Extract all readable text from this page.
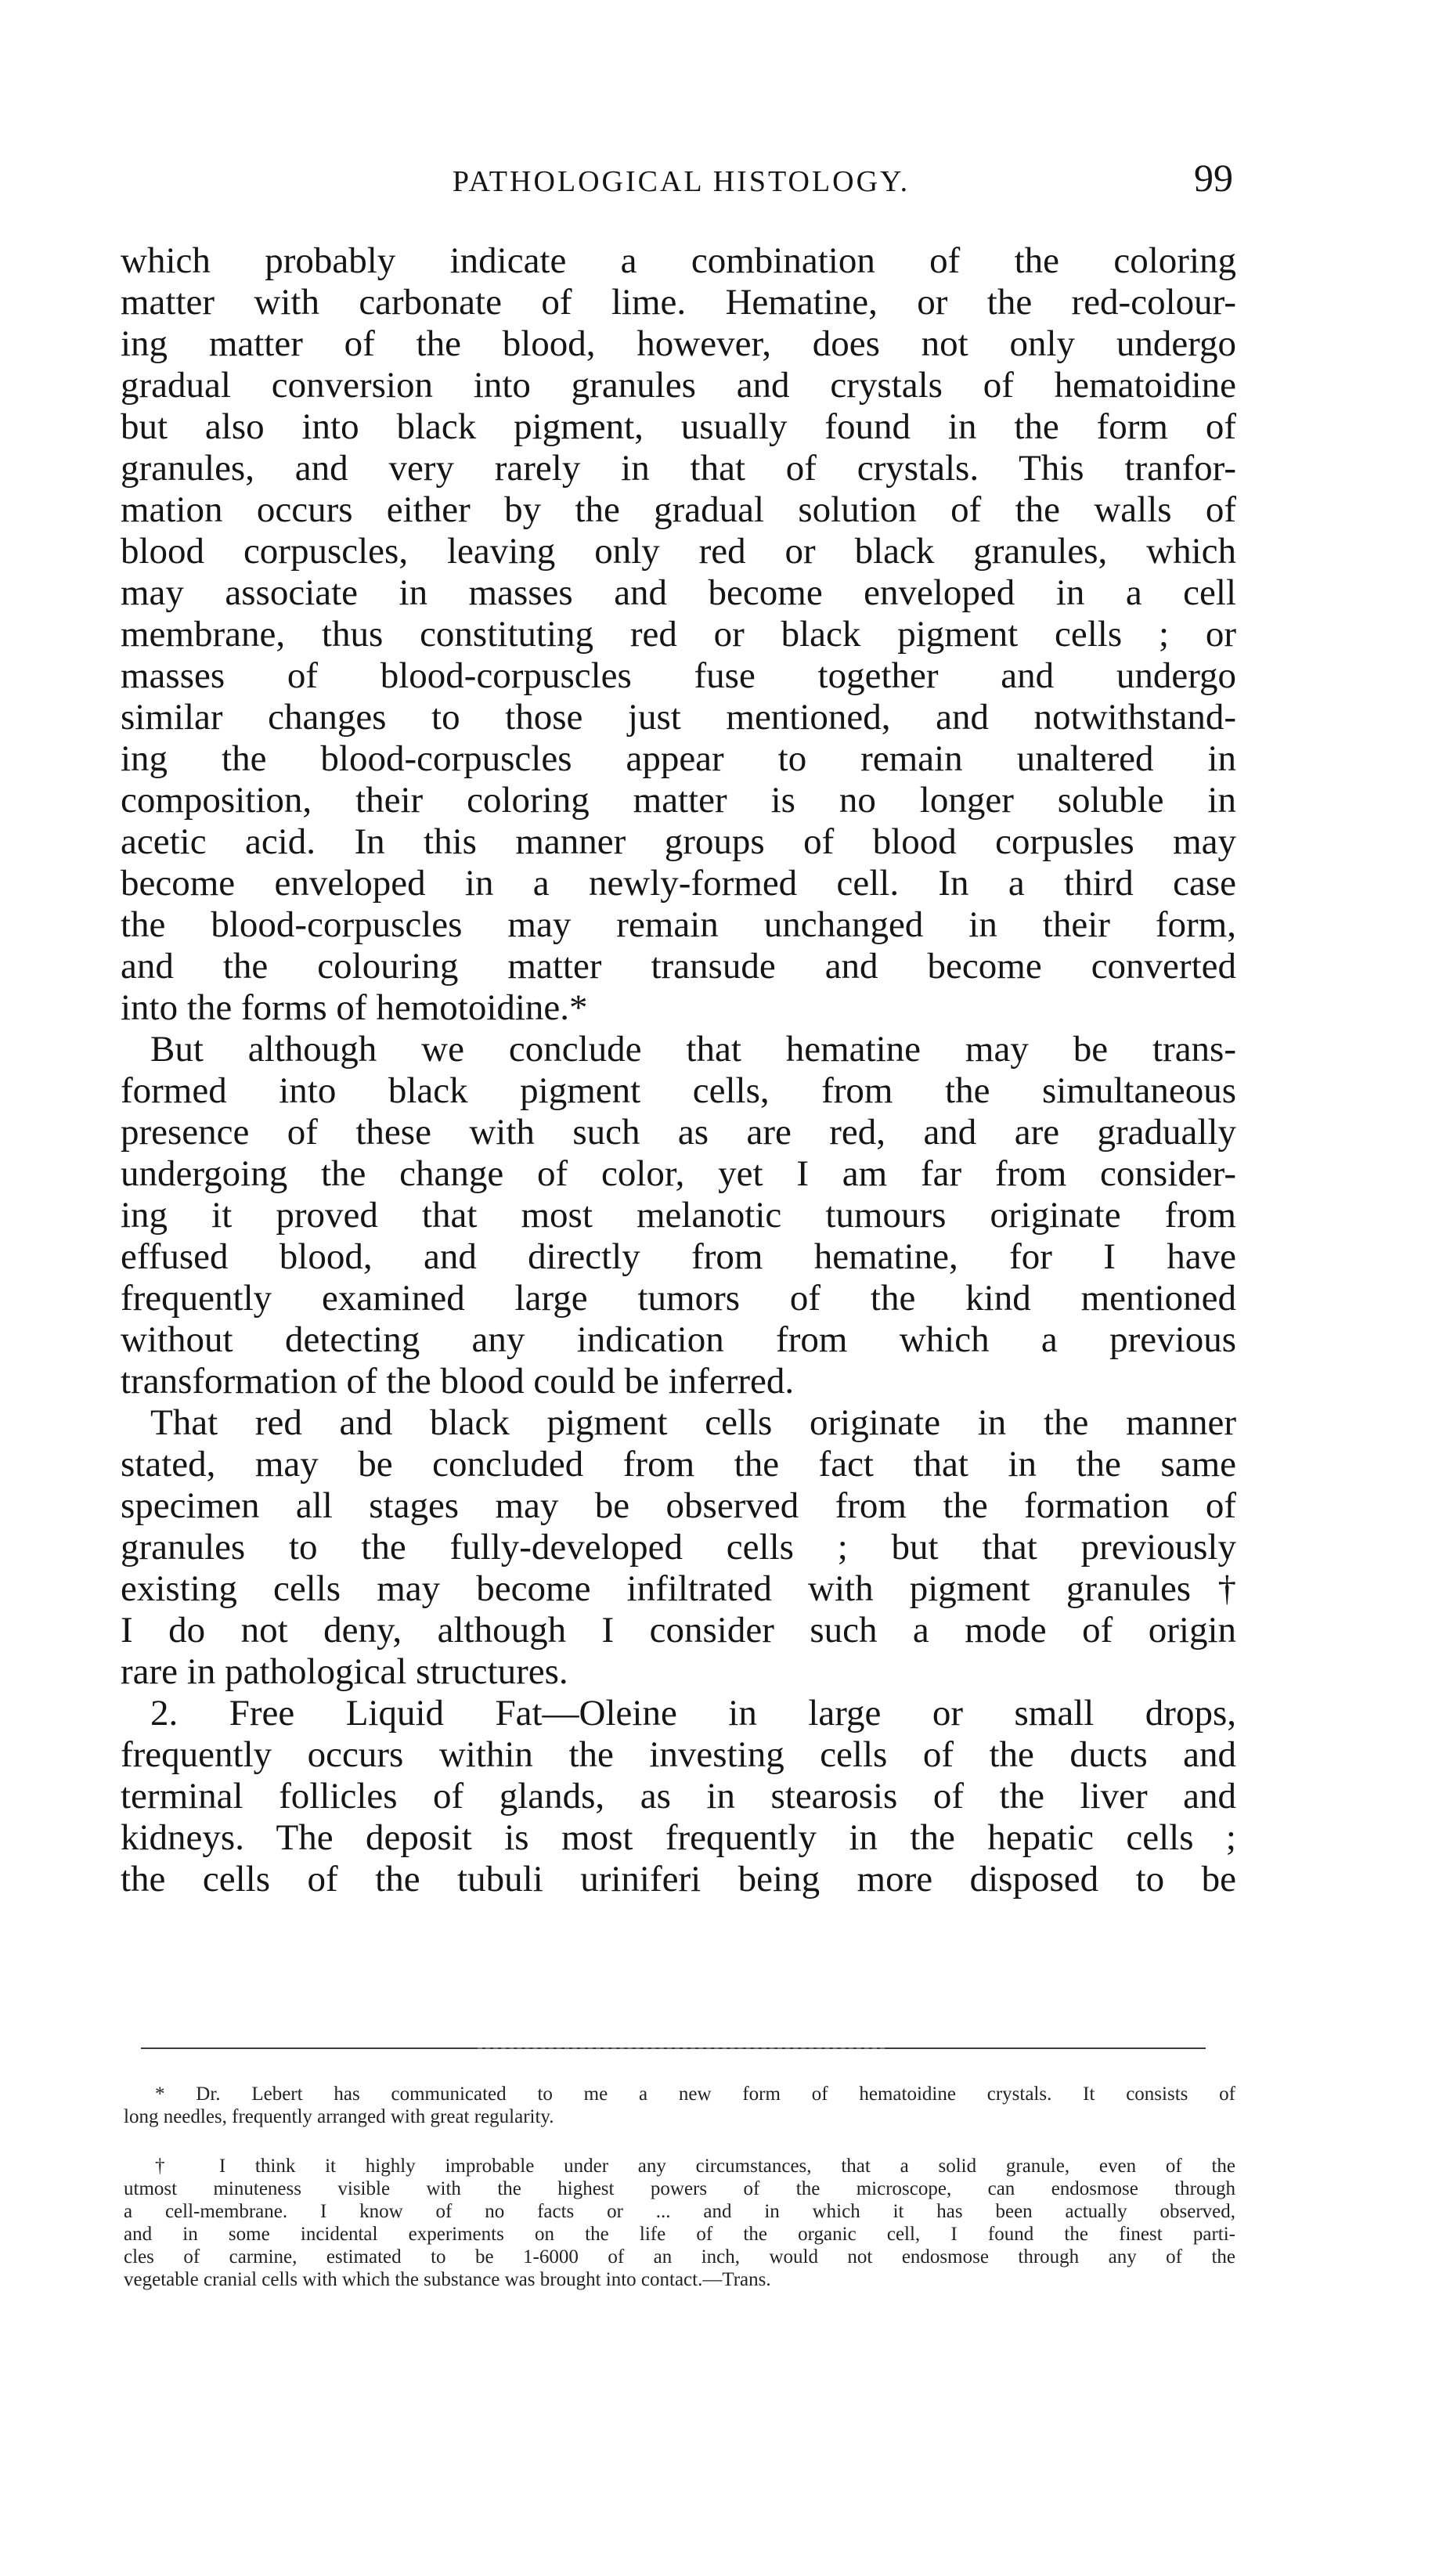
PATHOLOGICAL HISTOLOGY.	99
which probably indicate a combination of the coloring
matter with carbonate of lime. Hematine, or the red-colour-
ing matter of the blood, however, does not only undergo
gradual conversion into granules and crystals of hematoidine
but also into black pigment, usually found in the form of
granules, and very rarely in that of crystals. This tranfor-
mation occurs either by the gradual solution of the walls of
blood corpuscles, leaving only red or black granules, which
may associate in masses and become enveloped in a cell
membrane, thus constituting red or black pigment cells ; or
masses of blood-corpuscles fuse together and undergo
similar changes to those just mentioned, and notwithstand-
ing the blood-corpuscles appear to remain unaltered in
composition, their coloring matter is no longer soluble in
acetic acid. In this manner groups of blood corpusles may
become enveloped in a newly-formed cell. In a third case
the blood-corpuscles may remain unchanged in their form,
and the colouring matter transude and become converted
into the forms of hemotoidine.*
But although we conclude that hematine may be trans-
formed into black pigment cells, from the simultaneous
presence of these with such as are red, and are gradually
undergoing the change of color, yet I am far from consider-
ing it proved that most melanotic tumours originate from
effused blood, and directly from hematine, for I have
frequently examined large tumors of the kind mentioned
without detecting any indication from which a previous
transformation of the blood could be inferred.
That red and black pigment cells originate in the manner
stated, may be concluded from the fact that in the same
specimen all stages may be observed from the formation of
granules to the fully-developed cells ; but that previously
existing cells may become infiltrated with pigment granules†
I do not deny, although I consider such a mode of origin
rare in pathological structures.
2. Free Liquid Fat—Oleine in large or small drops,
frequently occurs within the investing cells of the ducts and
terminal follicles of glands, as in stearosis of the liver and
kidneys. The deposit is most frequently in the hepatic cells ;
the cells of the tubuli uriniferi being more disposed to be
* Dr. Lebert has communicated to me a new form of hematoidine crystals. It consists of
long needles, frequently arranged with great regularity.
† I think it highly improbable under any circumstances, that a solid granule, even of the
utmost minuteness visible with the highest powers of the microscope, can endosmose through
a cell-membrane. I know of no facts or ... and in which it has been actually observed,
and in some incidental experiments on the life of the organic cell, I found the finest parti-
cles of carmine, estimated to be 1-6000 of an inch, would not endosmose through any of the
vegetable cranial cells with which the substance was brought into contact.—Trans.
